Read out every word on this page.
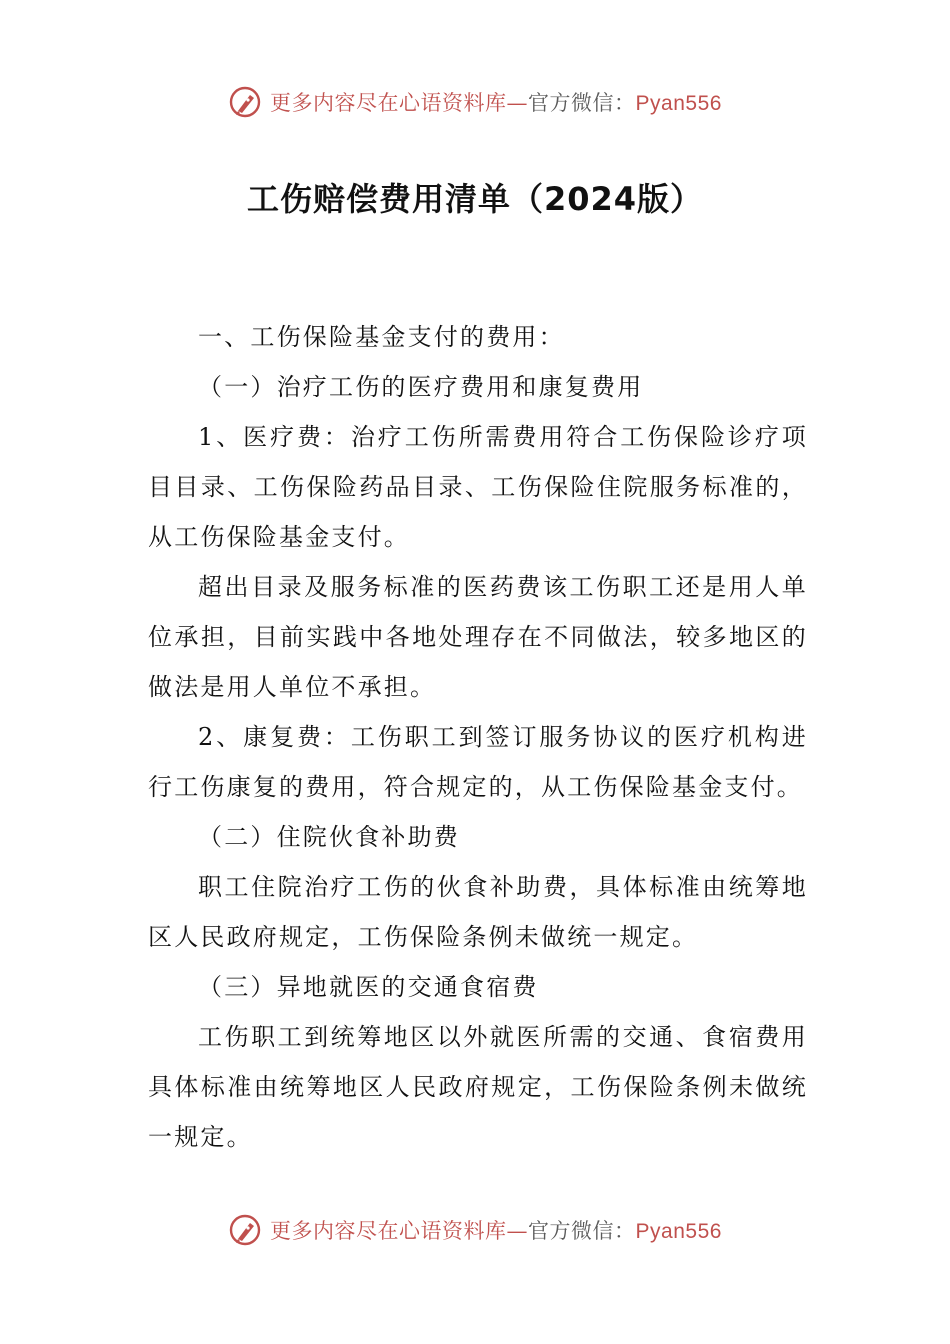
更多内容尽在心语资料库—官方微信：Pyan556
工伤赔偿费用清单（2024版）

一、工伤保险基金支付的费用：

（一）治疗工伤的医疗费用和康复费用

1、医疗费：治疗工伤所需费用符合工伤保险诊疗项目目录、工伤保险药品目录、工伤保险住院服务标准的，从工伤保险基金支付。

超出目录及服务标准的医药费该工伤职工还是用人单位承担，目前实践中各地处理存在不同做法，较多地区的做法是用人单位不承担。

2、康复费：工伤职工到签订服务协议的医疗机构进行工伤康复的费用，符合规定的，从工伤保险基金支付。

（二）住院伙食补助费

职工住院治疗工伤的伙食补助费，具体标准由统筹地区人民政府规定，工伤保险条例未做统一规定。

（三）异地就医的交通食宿费

工伤职工到统筹地区以外就医所需的交通、食宿费用具体标准由统筹地区人民政府规定，工伤保险条例未做统一规定。

更多内容尽在心语资料库—官方微信：Pyan556
